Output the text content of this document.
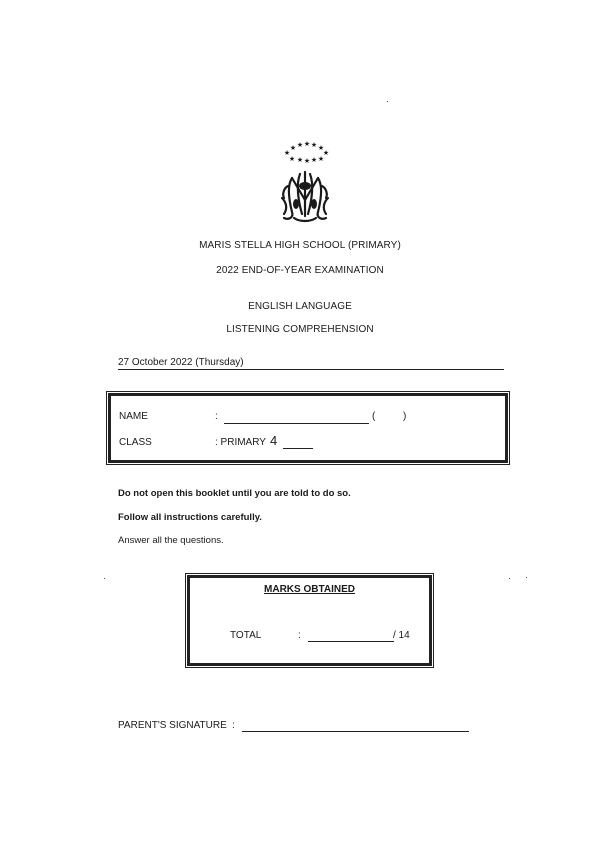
★
★ ★ ★ ★ ★
★
★ ★ ★ ★ ★
MARIS STELLA HIGH SCHOOL (PRIMARY)
2022 END-OF-YEAR EXAMINATION
ENGLISH LANGUAGE
LISTENING COMPREHENSION
27 October 2022 (Thursday)
NAME	:	(	)
CLASS	: PRIMARY 4
Do not open this booklet until you are told to do so.
Follow all instructions carefully.
Answer all the questions.
MARKS OBTAINED
TOTAL	:	/ 14
PARENT'S SIGNATURE :
